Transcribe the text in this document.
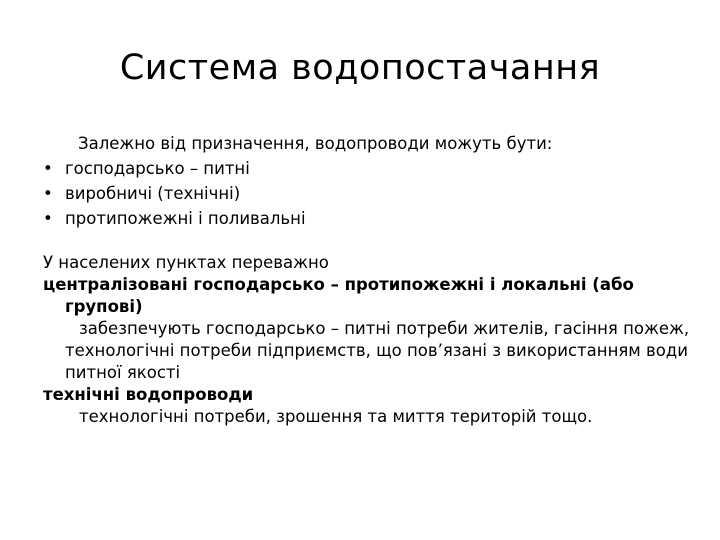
Система водопостачання
Залежно від призначення, водопроводи можуть бути:
• господарсько – питні
• виробничі (технічні)
• протипожежні і поливальні

У населених пунктах переважно

централізовані господарсько – протипожежні і локальні (або групові)

забезпечують господарсько – питні потреби жителів, гасіння пожеж, технологічні потреби підприємств, що пов’язані з використанням води питної якості

технічні водопроводи

технологічні потреби, зрошення та миття територій тощо.
